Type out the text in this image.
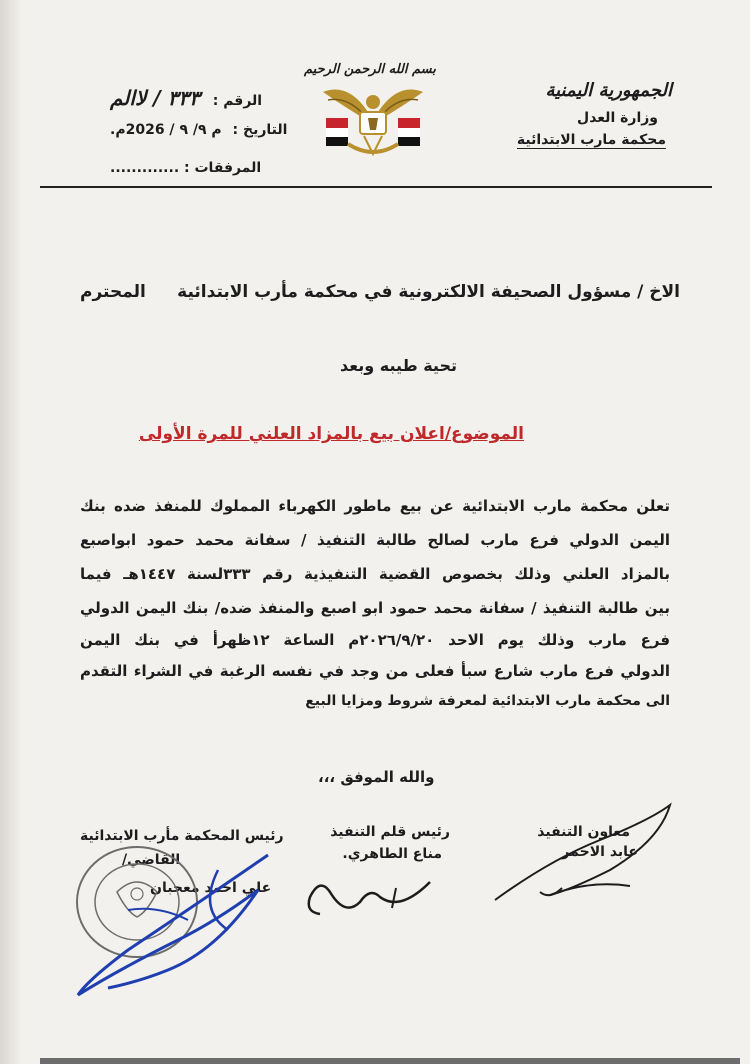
الجمهورية اليمنية
وزارة العدل
محكمة مارب الابتدائية
بسم الله الرحمن الرحيم
الرقم : ٣٣٣ / لاالم
التاريخ : م ٩/ ٩ / 2026م.
المرفقات : .............
الاخ / مسؤول الصحيفة الالكترونية في محكمة مأرب الابتدائية
المحترم
تحية طيبه وبعد
الموضوع/اعلان بيع بالمزاد العلني للمرة الأولى
تعلن محكمة مارب الابتدائية عن بيع ماطور الكهرباء المملوك للمنفذ ضده بنك
اليمن الدولي فرع مارب لصالح طالبة التنفيذ / سفانة محمد حمود ابواصبع
بالمزاد العلني وذلك بخصوص القضية التنفيذية رقم ٣٣٣لسنة ١٤٤٧هـ فيما
بين طالبة التنفيذ / سفانة محمد حمود ابو اصبع والمنفذ ضده/ بنك اليمن الدولي
فرع مارب وذلك يوم الاحد ٢٠٢٦/٩/٢٠م الساعة ١٢ظهرأ في بنك اليمن
الدولي فرع مارب شارع سبأ فعلى من وجد في نفسه الرغبة في الشراء التقدم
الى محكمة مارب الابتدائية لمعرفة شروط ومزايا البيع
والله الموفق ،،،
معاون التنفيذ
عابد الاحمر
رئيس قلم التنفيذ
مناع الطاهري.
رئيس المحكمة مأرب الابتدائية
القاضي/
علي احمد معجبان
